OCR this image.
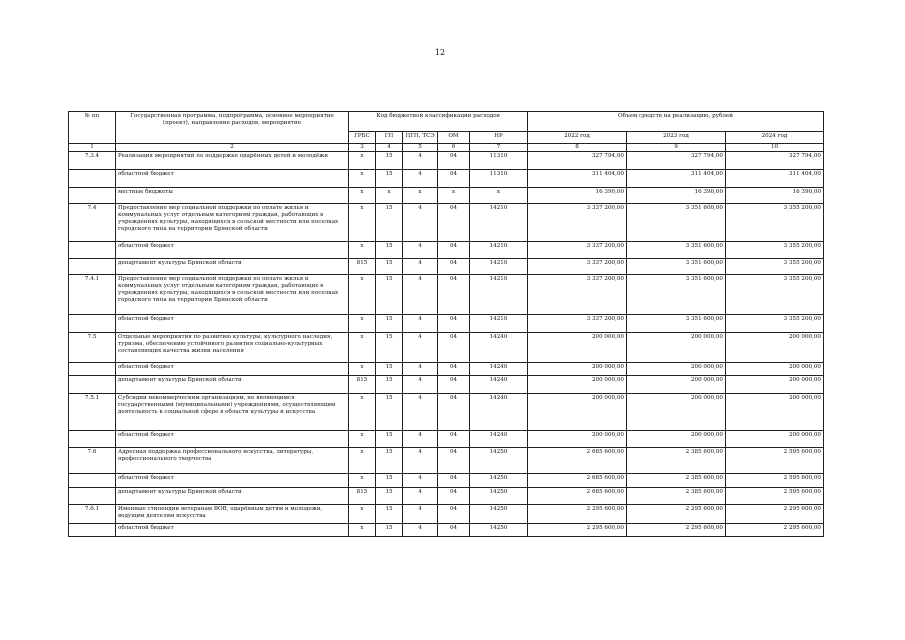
12
№ пп	Государственная программа, подпрограмма, основное мероприятие (проект), направление расходов, мероприятие	Код бюджетной классификации расходов					Объем средств на реализацию, рублей		
		ГРБС	ГП	ПГП, ТСЭ	ОМ	НР	2022 год	2023 год	2024 год
1	2	3	4	5	6	7	8	9	10
7.3.4	Реализация мероприятий по поддержке одарённых детей и молодёжи	x	15	4	04	11310	327 794,00	327 794,00	327 794,00
	областной бюджет	x	15	4	04	11310	311 404,00	311 404,00	311 404,00
	местные бюджеты	x	x	x	x	x	16 390,00	16 390,00	16 390,00
7.4	Предоставление мер социальной поддержки по оплате жилья и коммунальных услуг отдельным категориям граждан, работающих в учреждениях культуры, находящихся в сельской местности или поселках городского типа на территории Брянской области	x	15	4	04	14210	3 337 200,00	3 351 600,00	3 355 200,00
	областной бюджет	x	15	4	04	14210	3 337 200,00	3 351 600,00	3 355 200,00
	департамент культуры Брянской области	815	15	4	04	14210	3 337 200,00	3 351 600,00	3 355 200,00
7.4.1	Предоставление мер социальной поддержки по оплате жилья и коммунальных услуг отдельным категориям граждан, работающих в учреждениях культуры, находящихся в сельской местности или поселках городского типа на территории Брянской области	x	15	4	04	14210	3 337 200,00	3 351 600,00	3 355 200,00
	областной бюджет	x	15	4	04	14210	3 337 200,00	3 351 600,00	3 355 200,00
7.5	Отдельные мероприятия по развитию культуры, культурного наследия, туризма, обеспечению устойчивого развития социально-культурных составляющих качества жизни населения	x	15	4	04	14240	200 000,00	200 000,00	200 000,00
	областной бюджет	x	15	4	04	14240	200 000,00	200 000,00	200 000,00
	департамент культуры Брянской области	815	15	4	04	14240	200 000,00	200 000,00	200 000,00
7.5.1	Субсидии некоммерческим организациям, не являющимся государственными (муниципальными) учреждениями, осуществляющим деятельность в социальной сфере в области культуры и искусства	x	15	4	04	14240	200 000,00	200 000,00	200 000,00
	областной бюджет	x	15	4	04	14240	200 000,00	200 000,00	200 000,00
7.6	Адресная поддержка профессионального искусства, литературы, профессионального творчества	x	15	4	04	14250	2 685 600,00	2 385 600,00	2 595 600,00
	областной бюджет	x	15	4	04	14250	2 685 600,00	2 385 600,00	2 595 600,00
	департамент культуры Брянской области	815	15	4	04	14250	2 685 600,00	2 385 600,00	2 595 600,00
7.6.1	Именные стипендии ветеранам ВОВ, одарённым детям и молодежи, ведущим деятелям искусства	x	15	4	04	14250	2 295 600,00	2 295 600,00	2 295 600,00
	областной бюджет	x	15	4	04	14250	2 295 600,00	2 295 600,00	2 295 600,00
